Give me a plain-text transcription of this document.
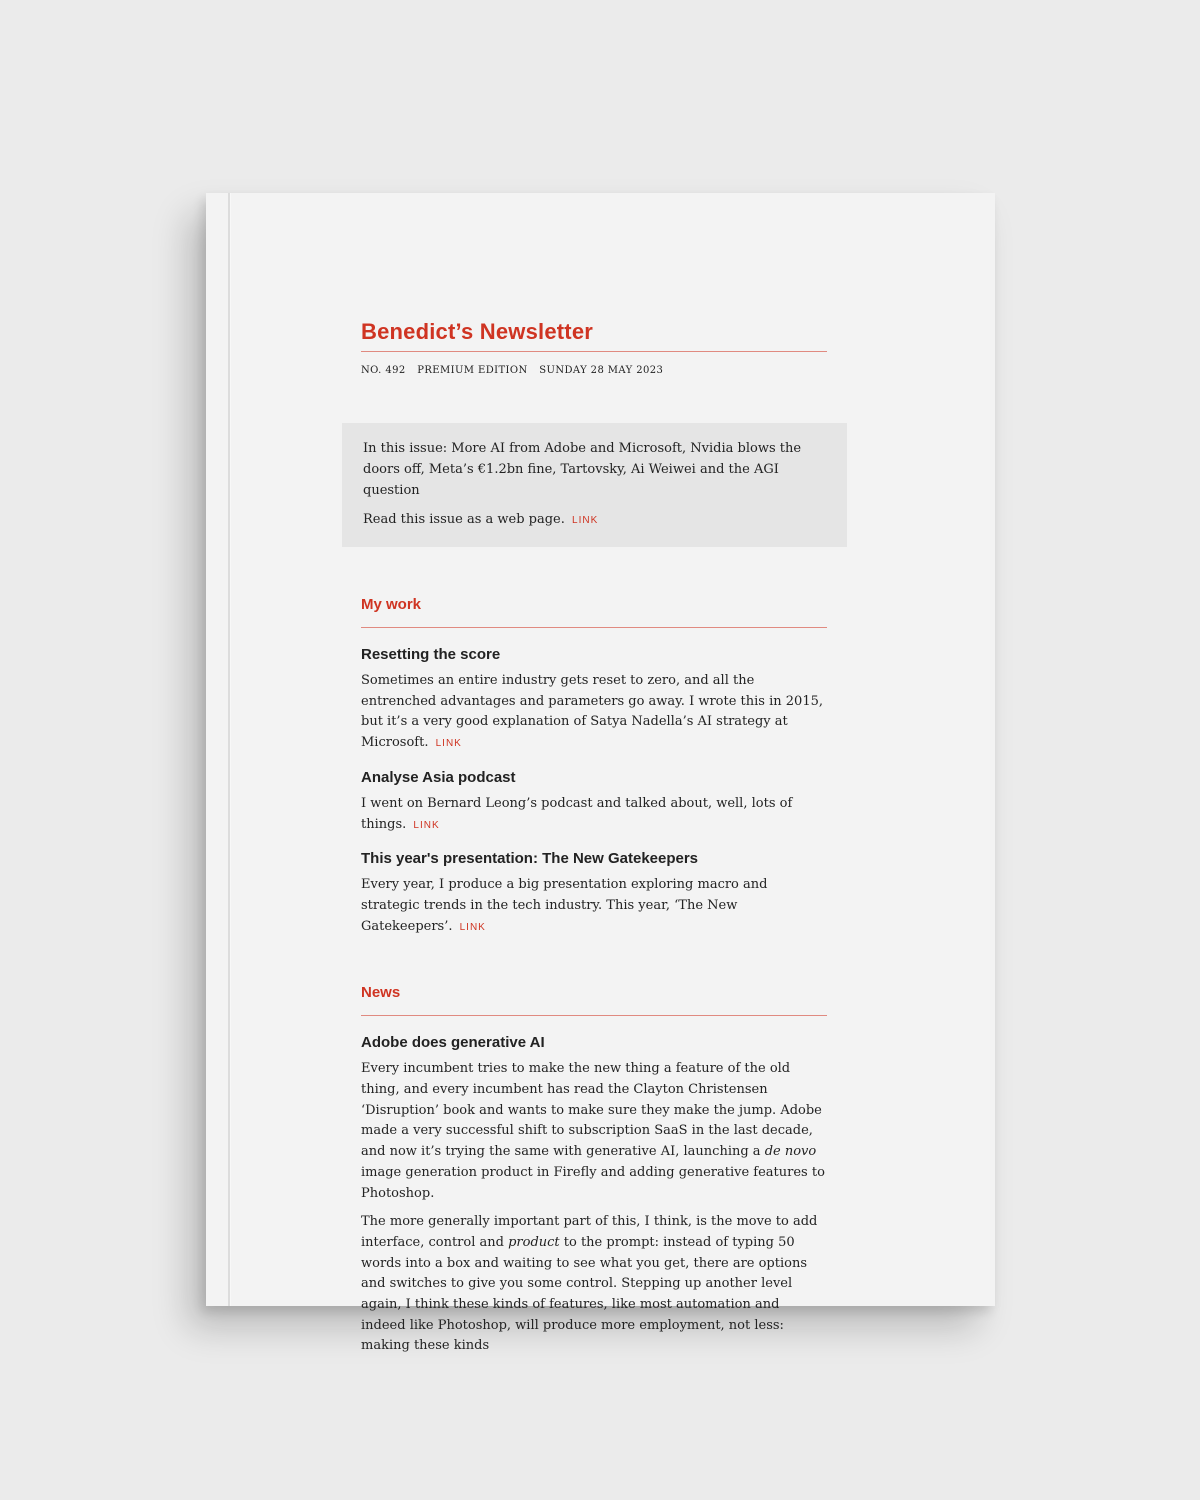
Benedict’s Newsletter
NO. 492 PREMIUM EDITION SUNDAY 28 MAY 2023

In this issue: More AI from Adobe and Microsoft, Nvidia blows the doors off, Meta’s €1.2bn fine, Tartovsky, Ai Weiwei and the AGI question

Read this issue as a web page. LINK

My work
Resetting the score

Sometimes an entire industry gets reset to zero, and all the entrenched advantages and parameters go away. I wrote this in 2015, but it’s a very good explanation of Satya Nadella’s AI strategy at Microsoft. LINK

Analyse Asia podcast

I went on Bernard Leong’s podcast and talked about, well, lots of things. LINK

This year's presentation: The New Gatekeepers

Every year, I produce a big presentation exploring macro and strategic trends in the tech industry. This year, ‘The New Gatekeepers’. LINK

News
Adobe does generative AI

Every incumbent tries to make the new thing a feature of the old thing, and every incumbent has read the Clayton Christensen ‘Disruption’ book and wants to make sure they make the jump. Adobe made a very successful shift to subscription SaaS in the last decade, and now it’s trying the same with generative AI, launching a de novo image generation product in Firefly and adding generative features to Photoshop.

The more generally important part of this, I think, is the move to add interface, control and product to the prompt: instead of typing 50 words into a box and waiting to see what you get, there are options and switches to give you some control. Stepping up another level again, I think these kinds of features, like most automation and indeed like Photoshop, will produce more employment, not less: making these kinds
